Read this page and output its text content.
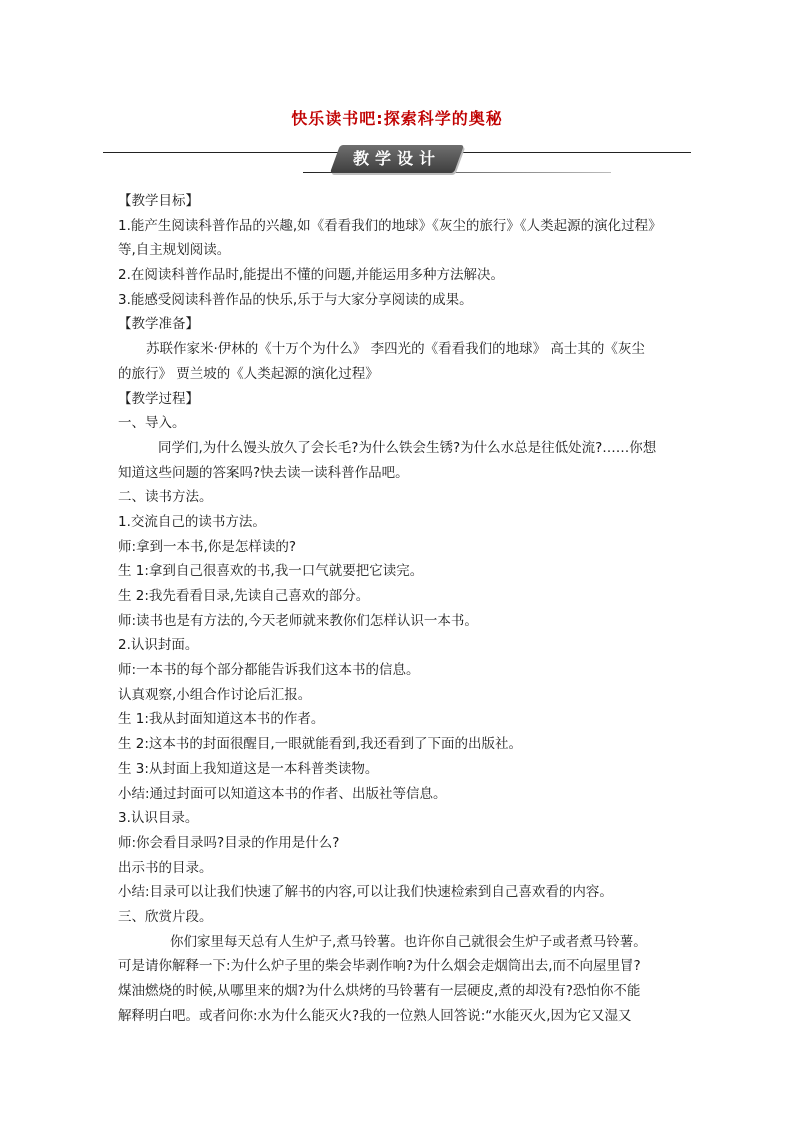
快乐读书吧:探索科学的奥秘
教学设计
【教学目标】
1.能产生阅读科普作品的兴趣,如《看看我们的地球》《灰尘的旅行》《人类起源的演化过程》
等,自主规划阅读。
2.在阅读科普作品时,能提出不懂的问题,并能运用多种方法解决。
3.能感受阅读科普作品的快乐,乐于与大家分享阅读的成果。
【教学准备】
苏联作家米·伊林的《十万个为什么》 李四光的《看看我们的地球》 高士其的《灰尘
的旅行》 贾兰坡的《人类起源的演化过程》
【教学过程】
一、导入。
同学们,为什么馒头放久了会长毛?为什么铁会生锈?为什么水总是往低处流?……你想
知道这些问题的答案吗?快去读一读科普作品吧。
二、读书方法。
1.交流自己的读书方法。
师:拿到一本书,你是怎样读的?
生 1:拿到自己很喜欢的书,我一口气就要把它读完。
生 2:我先看看目录,先读自己喜欢的部分。
师:读书也是有方法的,今天老师就来教你们怎样认识一本书。
2.认识封面。
师:一本书的每个部分都能告诉我们这本书的信息。
认真观察,小组合作讨论后汇报。
生 1:我从封面知道这本书的作者。
生 2:这本书的封面很醒目,一眼就能看到,我还看到了下面的出版社。
生 3:从封面上我知道这是一本科普类读物。
小结:通过封面可以知道这本书的作者、出版社等信息。
3.认识目录。
师:你会看目录吗?目录的作用是什么?
出示书的目录。
小结:目录可以让我们快速了解书的内容,可以让我们快速检索到自己喜欢看的内容。
三、欣赏片段。
你们家里每天总有人生炉子,煮马铃薯。也许你自己就很会生炉子或者煮马铃薯。
可是请你解释一下:为什么炉子里的柴会毕剥作响?为什么烟会走烟筒出去,而不向屋里冒?
煤油燃烧的时候,从哪里来的烟?为什么烘烤的马铃薯有一层硬皮,煮的却没有?恐怕你不能
解释明白吧。或者问你:水为什么能灭火?我的一位熟人回答说:“水能灭火,因为它又湿又
